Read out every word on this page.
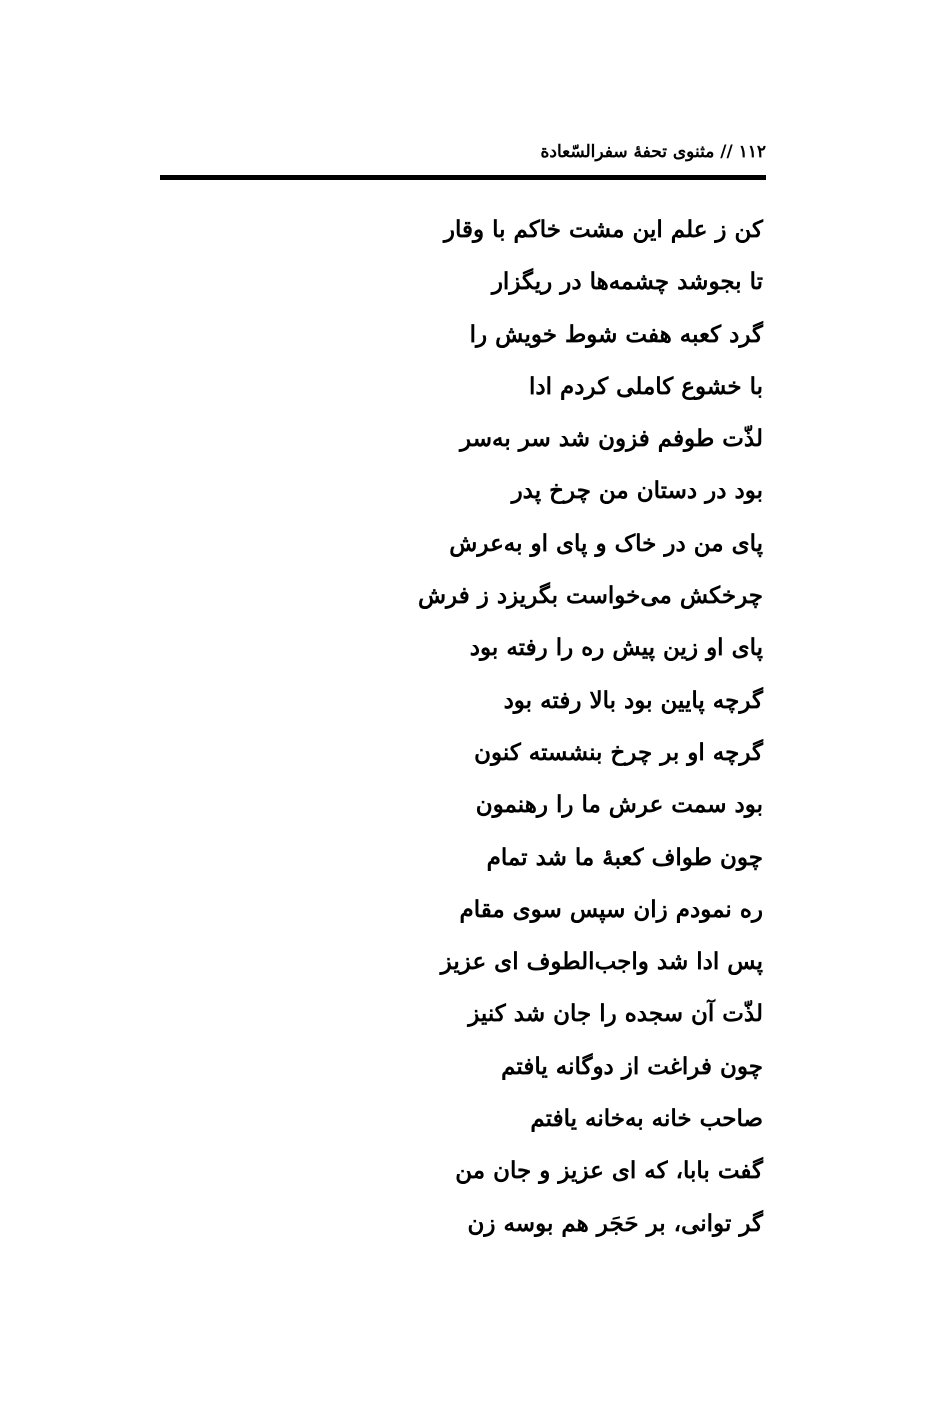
١١٢ // مثنوی تحفۀ سفرالسّعادة
کن ز علم این مشت خاکم با وقار
تا بجوشد چشمه‌ها در ریگزار
گرد کعبه هفت شوط خویش را
با خشوع کاملی کردم ادا
لذّت طوفم فزون شد سر به‌سر
بود در دستان من چرخ پدر
پای من در خاک و پای او به‌عرش
چرخکش می‌خواست بگریزد ز فرش
پای او زین پیش ره را رفته بود
گرچه پایین بود بالا رفته بود
گرچه او بر چرخ بنشسته کنون
بود سمت عرش ما را رهنمون
چون طواف کعبۀ ما شد تمام
ره نمودم زان سپس سوی مقام
پس ادا شد واجب‌الطوف ای عزیز
لذّت آن سجده را جان شد کنیز
چون فراغت از دوگانه یافتم
صاحب خانه به‌خانه یافتم
گفت بابا، که ای عزیز و جان من
گر توانی، بر حَجَر هم بوسه زن
